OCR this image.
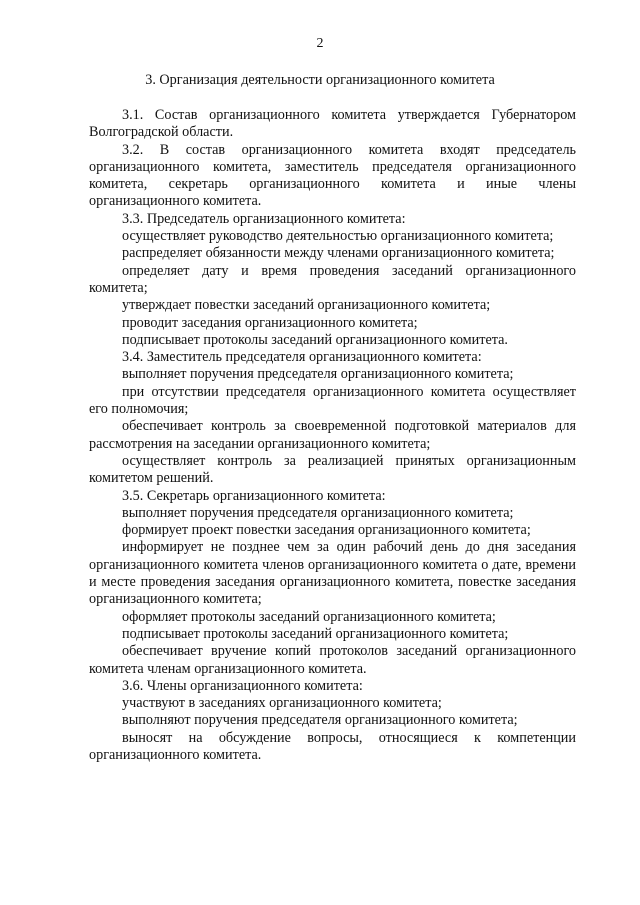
2
3. Организация деятельности организационного комитета

3.1. Состав организационного комитета утверждается Губернатором Волгоградской области.

3.2. В состав организационного комитета входят председатель организационного комитета, заместитель председателя организационного комитета, секретарь организационного комитета и иные члены организационного комитета.

3.3. Председатель организационного комитета:

осуществляет руководство деятельностью организационного комитета;

распределяет обязанности между членами организационного комитета;

определяет дату и время проведения заседаний организационного комитета;

утверждает повестки заседаний организационного комитета;

проводит заседания организационного комитета;

подписывает протоколы заседаний организационного комитета.

3.4. Заместитель председателя организационного комитета:

выполняет поручения председателя организационного комитета;

при отсутствии председателя организационного комитета осуществляет его полномочия;

обеспечивает контроль за своевременной подготовкой материалов для рассмотрения на заседании организационного комитета;

осуществляет контроль за реализацией принятых организационным комитетом решений.

3.5. Секретарь организационного комитета:

выполняет поручения председателя организационного комитета;

формирует проект повестки заседания организационного комитета;

информирует не позднее чем за один рабочий день до дня заседания организационного комитета членов организационного комитета о дате, времени и месте проведения заседания организационного комитета, повестке заседания организационного комитета;

оформляет протоколы заседаний организационного комитета;

подписывает протоколы заседаний организационного комитета;

обеспечивает вручение копий протоколов заседаний организационного комитета членам организационного комитета.

3.6. Члены организационного комитета:

участвуют в заседаниях организационного комитета;

выполняют поручения председателя организационного комитета;

выносят на обсуждение вопросы, относящиеся к компетенции организационного комитета.
